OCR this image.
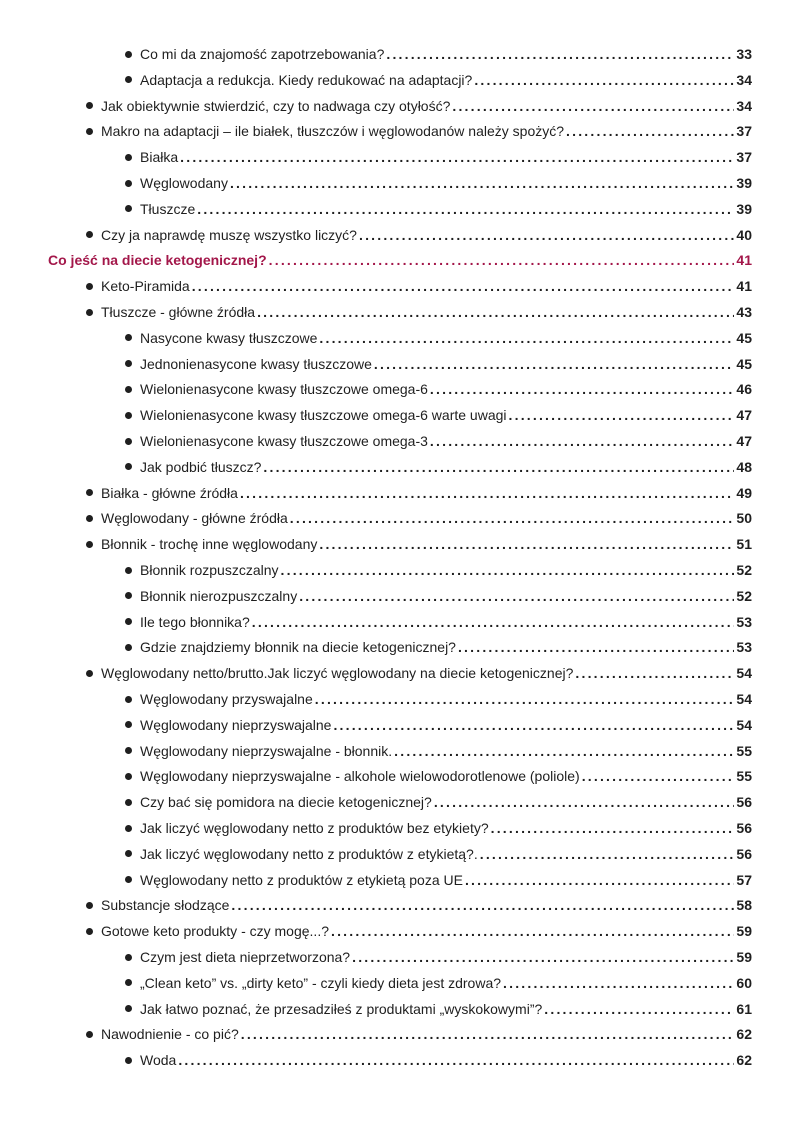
Co mi da znajomość zapotrzebowania? .....	33
Adaptacja a redukcja. Kiedy redukować na adaptacji? .....	34
Jak obiektywnie stwierdzić, czy to nadwaga czy otyłość? .....	34
Makro na adaptacji – ile białek, tłuszczów i węglowodanów należy spożyć? .....	37
Białka .....	37
Węglowodany .....	39
Tłuszcze .....	39
Czy ja naprawdę muszę wszystko liczyć? .....	40
Co jeść na diecie ketogenicznej? .....	41
Keto-Piramida .....	41
Tłuszcze - główne źródła .....	43
Nasycone kwasy tłuszczowe .....	45
Jednonienasycone kwasy tłuszczowe .....	45
Wielonienasycone kwasy tłuszczowe omega-6 .....	46
Wielonienasycone kwasy tłuszczowe omega-6 warte uwagi .....	47
Wielonienasycone kwasy tłuszczowe omega-3 .....	47
Jak podbić tłuszcz? .....	48
Białka - główne źródła .....	49
Węglowodany - główne źródła .....	50
Błonnik - trochę inne węglowodany .....	51
Błonnik rozpuszczalny .....	52
Błonnik nierozpuszczalny .....	52
Ile tego błonnika? .....	53
Gdzie znajdziemy błonnik na diecie ketogenicznej? .....	53
Węglowodany netto/brutto.Jak liczyć węglowodany na diecie ketogenicznej? .....	54
Węglowodany przyswajalne .....	54
Węglowodany nieprzyswajalne .....	54
Węglowodany nieprzyswajalne - błonnik. .....	55
Węglowodany nieprzyswajalne - alkohole wielowodorotlenowe (poliole) .....	55
Czy bać się pomidora na diecie ketogenicznej? .....	56
Jak liczyć węglowodany netto z produktów bez etykiety? .....	56
Jak liczyć węglowodany netto z produktów z etykietą?. .....	56
Węglowodany netto z produktów z etykietą poza UE .....	57
Substancje słodzące .....	58
Gotowe keto produkty - czy mogę...? .....	59
Czym jest dieta nieprzetworzona? .....	59
„Clean keto” vs. „dirty keto” - czyli kiedy dieta jest zdrowa? .....	60
Jak łatwo poznać, że przesadziłeś z produktami „wyskokowymi”? .....	61
Nawodnienie - co pić? .....	62
Woda .....	62
